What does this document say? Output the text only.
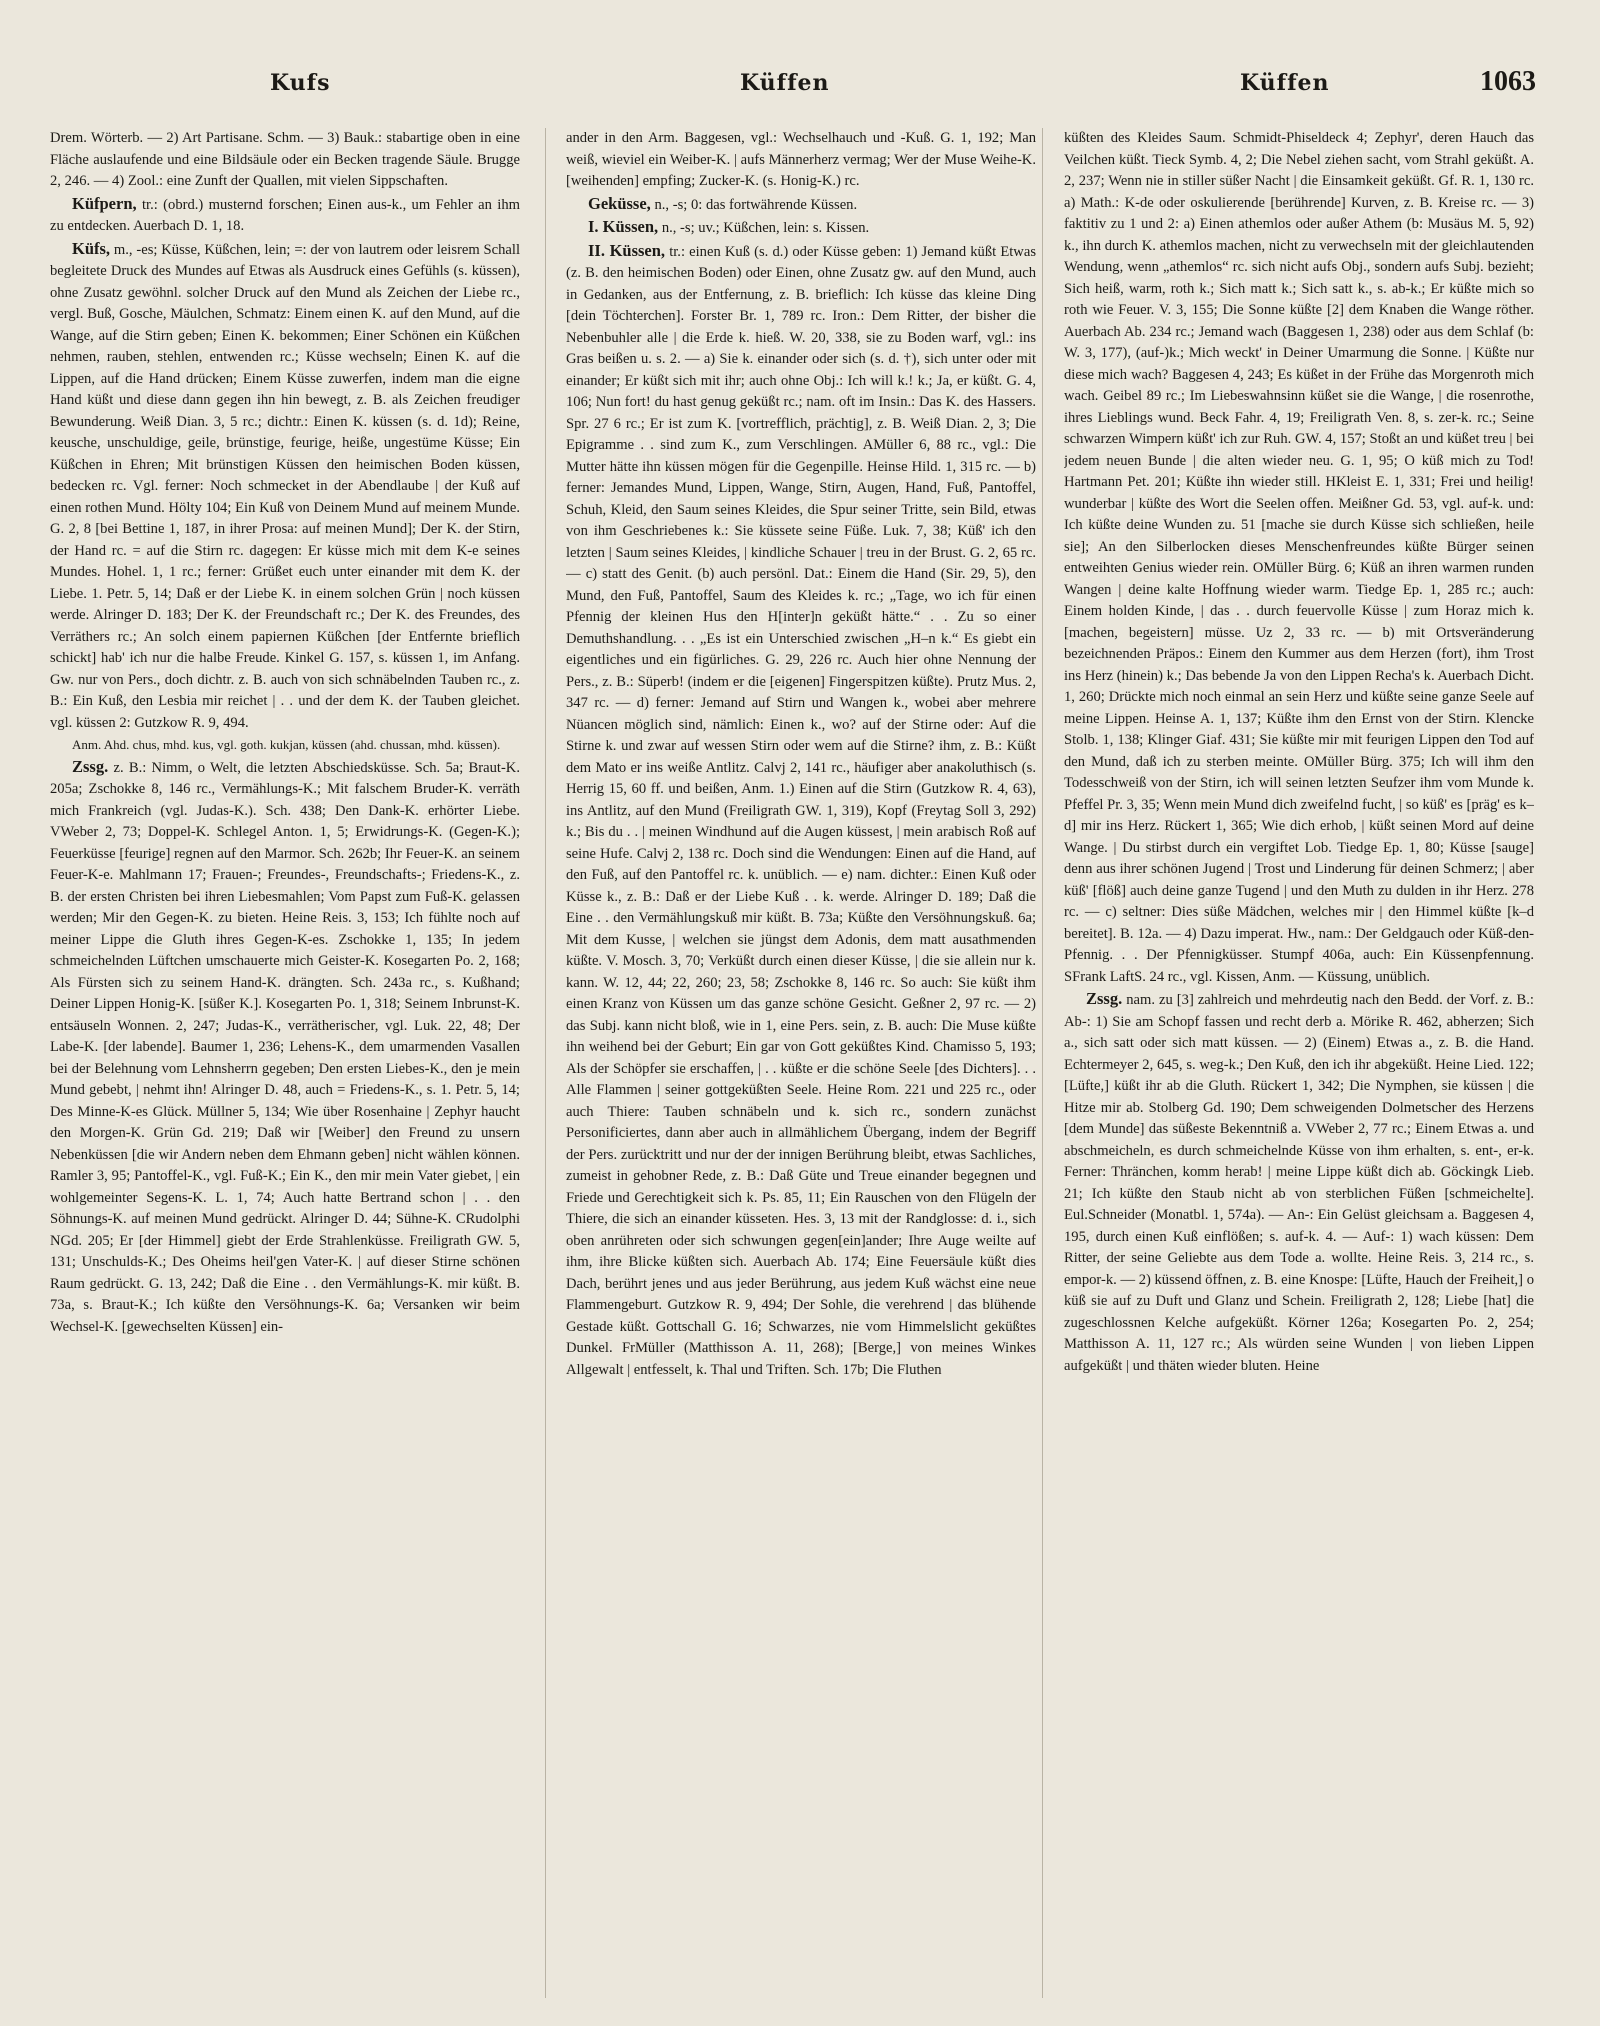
Kufs	Küffen	Küffen	1063

Drem. Wörterb. — 2) Art Partisane. Schm. — 3) Bauk.: stabartige oben in eine Fläche auslaufende und eine Bildsäule oder ein Becken tragende Säule. Brugge 2, 246. — 4) Zool.: eine Zunft der Quallen, mit vielen Sippschaften.

Küfpern, tr.: (obrd.) musternd forschen; Einen aus-k., um Fehler an ihm zu entdecken. Auerbach D. 1, 18.

Küfs, m., -es; Küsse, Küßchen, lein; =: der von lautrem oder leisrem Schall begleitete Druck des Mundes auf Etwas als Ausdruck eines Gefühls (s. küssen), ohne Zusatz gewöhnl. solcher Druck auf den Mund als Zeichen der Liebe rc., vergl. Buß, Gosche, Mäulchen, Schmatz: Einem einen K. auf den Mund, auf die Wange, auf die Stirn geben; Einen K. bekommen; Einer Schönen ein Küßchen nehmen, rauben, stehlen, entwenden rc.; Küsse wechseln; Einen K. auf die Lippen, auf die Hand drücken; Einem Küsse zuwerfen, indem man die eigne Hand küßt und diese dann gegen ihn hin bewegt, z. B. als Zeichen freudiger Bewunderung. Weiß Dian. 3, 5 rc.; dichtr.: Einen K. küssen (s. d. 1d); Reine, keusche, unschuldige, geile, brünstige, feurige, heiße, ungestüme Küsse; Ein Küßchen in Ehren; Mit brünstigen Küssen den heimischen Boden küssen, bedecken rc. Vgl. ferner: Noch schmecket in der Abendlaube | der Kuß auf einen rothen Mund. Hölty 104; Ein Kuß von Deinem Mund auf meinem Munde. G. 2, 8 [bei Bettine 1, 187, in ihrer Prosa: auf meinen Mund]; Der K. der Stirn, der Hand rc. = auf die Stirn rc. dagegen: Er küsse mich mit dem K-e seines Mundes. Hohel. 1, 1 rc.; ferner: Grüßet euch unter einander mit dem K. der Liebe. 1. Petr. 5, 14; Daß er der Liebe K. in einem solchen Grün | noch küssen werde. Alringer D. 183; Der K. der Freundschaft rc.; Der K. des Freundes, des Verräthers rc.; An solch einem papiernen Küßchen [der Entfernte brieflich schickt] hab' ich nur die halbe Freude. Kinkel G. 157, s. küssen 1, im Anfang. Gw. nur von Pers., doch dichtr. z. B. auch von sich schnäbelnden Tauben rc., z. B.: Ein Kuß, den Lesbia mir reichet | . . und der dem K. der Tauben gleichet. vgl. küssen 2: Gutzkow R. 9, 494.

Anm. Ahd. chus, mhd. kus, vgl. goth. kukjan, küssen (ahd. chussan, mhd. küssen).

Zssg. z. B.: Nimm, o Welt, die letzten Abschiedsküsse. Sch. 5a; Braut-K. 205a; Zschokke 8, 146 rc., Vermählungs-K.; Mit falschem Bruder-K. verräth mich Frankreich (vgl. Judas-K.). Sch. 438; Den Dank-K. erhörter Liebe. VWeber 2, 73; Doppel-K. Schlegel Anton. 1, 5; Erwidrungs-K. (Gegen-K.); Feuerküsse [feurige] regnen auf den Marmor. Sch. 262b; Ihr Feuer-K. an seinem Feuer-K-e. Mahlmann 17; Frauen-; Freundes-, Freundschafts-; Friedens-K., z. B. der ersten Christen bei ihren Liebesmahlen; Vom Papst zum Fuß-K. gelassen werden; Mir den Gegen-K. zu bieten. Heine Reis. 3, 153; Ich fühlte noch auf meiner Lippe die Gluth ihres Gegen-K-es. Zschokke 1, 135; In jedem schmeichelnden Lüftchen umschauerte mich Geister-K. Kosegarten Po. 2, 168; Als Fürsten sich zu seinem Hand-K. drängten. Sch. 243a rc., s. Kußhand; Deiner Lippen Honig-K. [süßer K.]. Kosegarten Po. 1, 318; Seinem Inbrunst-K. entsäuseln Wonnen. 2, 247; Judas-K., verrätherischer, vgl. Luk. 22, 48; Der Labe-K. [der labende]. Baumer 1, 236; Lehens-K., dem umarmenden Vasallen bei der Belehnung vom Lehnsherrn gegeben; Den ersten Liebes-K., den je mein Mund gebebt, | nehmt ihn! Alringer D. 48, auch = Friedens-K., s. 1. Petr. 5, 14; Des Minne-K-es Glück. Müllner 5, 134; Wie über Rosenhaine | Zephyr haucht den Morgen-K. Grün Gd. 219; Daß wir [Weiber] den Freund zu unsern Nebenküssen [die wir Andern neben dem Ehmann geben] nicht wählen können. Ramler 3, 95; Pantoffel-K., vgl. Fuß-K.; Ein K., den mir mein Vater giebet, | ein wohlgemeinter Segens-K. L. 1, 74; Auch hatte Bertrand schon | . . den Söhnungs-K. auf meinen Mund gedrückt. Alringer D. 44; Sühne-K. CRudolphi NGd. 205; Er [der Himmel] giebt der Erde Strahlenküsse. Freiligrath GW. 5, 131; Unschulds-K.; Des Oheims heil'gen Vater-K. | auf dieser Stirne schönen Raum gedrückt. G. 13, 242; Daß die Eine . . den Vermählungs-K. mir küßt. B. 73a, s. Braut-K.; Ich küßte den Versöhnungs-K. 6a; Versanken wir beim Wechsel-K. [gewechselten Küssen] ein-

ander in den Arm. Baggesen, vgl.: Wechselhauch und -Kuß. G. 1, 192; Man weiß, wieviel ein Weiber-K. | aufs Männerherz vermag; Wer der Muse Weihe-K. [weihenden] empfing; Zucker-K. (s. Honig-K.) rc.

Geküsse, n., -s; 0: das fortwährende Küssen.

I. Küssen, n., -s; uv.; Küßchen, lein: s. Kissen.

II. Küssen, tr.: einen Kuß (s. d.) oder Küsse geben: 1) Jemand küßt Etwas (z. B. den heimischen Boden) oder Einen, ohne Zusatz gw. auf den Mund, auch in Gedanken, aus der Entfernung, z. B. brieflich: Ich küsse das kleine Ding [dein Töchterchen]. Forster Br. 1, 789 rc. Iron.: Dem Ritter, der bisher die Nebenbuhler alle | die Erde k. hieß. W. 20, 338, sie zu Boden warf, vgl.: ins Gras beißen u. s. 2. — a) Sie k. einander oder sich (s. d. †), sich unter oder mit einander; Er küßt sich mit ihr; auch ohne Obj.: Ich will k.! k.; Ja, er küßt. G. 4, 106; Nun fort! du hast genug geküßt rc.; nam. oft im Insin.: Das K. des Hassers. Spr. 27 6 rc.; Er ist zum K. [vortrefflich, prächtig], z. B. Weiß Dian. 2, 3; Die Epigramme . . sind zum K., zum Verschlingen. AMüller 6, 88 rc., vgl.: Die Mutter hätte ihn küssen mögen für die Gegenpille. Heinse Hild. 1, 315 rc. — b) ferner: Jemandes Mund, Lippen, Wange, Stirn, Augen, Hand, Fuß, Pantoffel, Schuh, Kleid, den Saum seines Kleides, die Spur seiner Tritte, sein Bild, etwas von ihm Geschriebenes k.: Sie küssete seine Füße. Luk. 7, 38; Küß' ich den letzten | Saum seines Kleides, | kindliche Schauer | treu in der Brust. G. 2, 65 rc. — c) statt des Genit. (b) auch persönl. Dat.: Einem die Hand (Sir. 29, 5), den Mund, den Fuß, Pantoffel, Saum des Kleides k. rc.; „Tage, wo ich für einen Pfennig der kleinen Hus den H[inter]n geküßt hätte.“ . . Zu so einer Demuthshandlung. . . „Es ist ein Unterschied zwischen „H–n k.“ Es giebt ein eigentliches und ein figürliches. G. 29, 226 rc. Auch hier ohne Nennung der Pers., z. B.: Süperb! (indem er die [eigenen] Fingerspitzen küßte). Prutz Mus. 2, 347 rc. — d) ferner: Jemand auf Stirn und Wangen k., wobei aber mehrere Nüancen möglich sind, nämlich: Einen k., wo? auf der Stirne oder: Auf die Stirne k. und zwar auf wessen Stirn oder wem auf die Stirne? ihm, z. B.: Küßt dem Mato er ins weiße Antlitz. Calvj 2, 141 rc., häufiger aber anakoluthisch (s. Herrig 15, 60 ff. und beißen, Anm. 1.) Einen auf die Stirn (Gutzkow R. 4, 63), ins Antlitz, auf den Mund (Freiligrath GW. 1, 319), Kopf (Freytag Soll 3, 292) k.; Bis du . . | meinen Windhund auf die Augen küssest, | mein arabisch Roß auf seine Hufe. Calvj 2, 138 rc. Doch sind die Wendungen: Einen auf die Hand, auf den Fuß, auf den Pantoffel rc. k. unüblich. — e) nam. dichter.: Einen Kuß oder Küsse k., z. B.: Daß er der Liebe Kuß . . k. werde. Alringer D. 189; Daß die Eine . . den Vermählungskuß mir küßt. B. 73a; Küßte den Versöhnungskuß. 6a; Mit dem Kusse, | welchen sie jüngst dem Adonis, dem matt ausathmenden küßte. V. Mosch. 3, 70; Verküßt durch einen dieser Küsse, | die sie allein nur k. kann. W. 12, 44; 22, 260; 23, 58; Zschokke 8, 146 rc. So auch: Sie küßt ihm einen Kranz von Küssen um das ganze schöne Gesicht. Geßner 2, 97 rc. — 2) das Subj. kann nicht bloß, wie in 1, eine Pers. sein, z. B. auch: Die Muse küßte ihn weihend bei der Geburt; Ein gar von Gott geküßtes Kind. Chamisso 5, 193; Als der Schöpfer sie erschaffen, | . . küßte er die schöne Seele [des Dichters]. . . Alle Flammen | seiner gottgeküßten Seele. Heine Rom. 221 und 225 rc., oder auch Thiere: Tauben schnäbeln und k. sich rc., sondern zunächst Personificiertes, dann aber auch in allmählichem Übergang, indem der Begriff der Pers. zurücktritt und nur der der innigen Berührung bleibt, etwas Sachliches, zumeist in gehobner Rede, z. B.: Daß Güte und Treue einander begegnen und Friede und Gerechtigkeit sich k. Ps. 85, 11; Ein Rauschen von den Flügeln der Thiere, die sich an einander küsseten. Hes. 3, 13 mit der Randglosse: d. i., sich oben anrühreten oder sich schwungen gegen[ein]ander; Ihre Auge weilte auf ihm, ihre Blicke küßten sich. Auerbach Ab. 174; Eine Feuersäule küßt dies Dach, berührt jenes und aus jeder Berührung, aus jedem Kuß wächst eine neue Flammengeburt. Gutzkow R. 9, 494; Der Sohle, die verehrend | das blühende Gestade küßt. Gottschall G. 16; Schwarzes, nie vom Himmelslicht geküßtes Dunkel. FrMüller (Matthisson A. 11, 268); [Berge,] von meines Winkes Allgewalt | entfesselt, k. Thal und Triften. Sch. 17b; Die Fluthen

küßten des Kleides Saum. Schmidt-Phiseldeck 4; Zephyr', deren Hauch das Veilchen küßt. Tieck Symb. 4, 2; Die Nebel ziehen sacht, vom Strahl geküßt. A. 2, 237; Wenn nie in stiller süßer Nacht | die Einsamkeit geküßt. Gf. R. 1, 130 rc. a) Math.: K-de oder oskulierende [berührende] Kurven, z. B. Kreise rc. — 3) faktitiv zu 1 und 2: a) Einen athemlos oder außer Athem (b: Musäus M. 5, 92) k., ihn durch K. athemlos machen, nicht zu verwechseln mit der gleichlautenden Wendung, wenn „athemlos“ rc. sich nicht aufs Obj., sondern aufs Subj. bezieht; Sich heiß, warm, roth k.; Sich matt k.; Sich satt k., s. ab-k.; Er küßte mich so roth wie Feuer. V. 3, 155; Die Sonne küßte [2] dem Knaben die Wange röther. Auerbach Ab. 234 rc.; Jemand wach (Baggesen 1, 238) oder aus dem Schlaf (b: W. 3, 177), (auf-)k.; Mich weckt' in Deiner Umarmung die Sonne. | Küßte nur diese mich wach? Baggesen 4, 243; Es küßet in der Frühe das Morgenroth mich wach. Geibel 89 rc.; Im Liebeswahnsinn küßet sie die Wange, | die rosenrothe, ihres Lieblings wund. Beck Fahr. 4, 19; Freiligrath Ven. 8, s. zer-k. rc.; Seine schwarzen Wimpern küßt' ich zur Ruh. GW. 4, 157; Stoßt an und küßet treu | bei jedem neuen Bunde | die alten wieder neu. G. 1, 95; O küß mich zu Tod! Hartmann Pet. 201; Küßte ihn wieder still. HKleist E. 1, 331; Frei und heilig! wunderbar | küßte des Wort die Seelen offen. Meißner Gd. 53, vgl. auf-k. und: Ich küßte deine Wunden zu. 51 [mache sie durch Küsse sich schließen, heile sie]; An den Silberlocken dieses Menschenfreundes küßte Bürger seinen entweihten Genius wieder rein. OMüller Bürg. 6; Küß an ihren warmen runden Wangen | deine kalte Hoffnung wieder warm. Tiedge Ep. 1, 285 rc.; auch: Einem holden Kinde, | das . . durch feuervolle Küsse | zum Horaz mich k. [machen, begeistern] müsse. Uz 2, 33 rc. — b) mit Ortsveränderung bezeichnenden Präpos.: Einem den Kummer aus dem Herzen (fort), ihm Trost ins Herz (hinein) k.; Das bebende Ja von den Lippen Recha's k. Auerbach Dicht. 1, 260; Drückte mich noch einmal an sein Herz und küßte seine ganze Seele auf meine Lippen. Heinse A. 1, 137; Küßte ihm den Ernst von der Stirn. Klencke Stolb. 1, 138; Klinger Giaf. 431; Sie küßte mir mit feurigen Lippen den Tod auf den Mund, daß ich zu sterben meinte. OMüller Bürg. 375; Ich will ihm den Todesschweiß von der Stirn, ich will seinen letzten Seufzer ihm vom Munde k. Pfeffel Pr. 3, 35; Wenn mein Mund dich zweifelnd fucht, | so küß' es [präg' es k–d] mir ins Herz. Rückert 1, 365; Wie dich erhob, | küßt seinen Mord auf deine Wange. | Du stirbst durch ein vergiftet Lob. Tiedge Ep. 1, 80; Küsse [sauge] denn aus ihrer schönen Jugend | Trost und Linderung für deinen Schmerz; | aber küß' [flöß] auch deine ganze Tugend | und den Muth zu dulden in ihr Herz. 278 rc. — c) seltner: Dies süße Mädchen, welches mir | den Himmel küßte [k–d bereitet]. B. 12a. — 4) Dazu imperat. Hw., nam.: Der Geldgauch oder Küß-den-Pfennig. . . Der Pfennigküsser. Stumpf 406a, auch: Ein Küssenpfennung. SFrank LaftS. 24 rc., vgl. Kissen, Anm. — Küssung, unüblich.

Zssg. nam. zu [3] zahlreich und mehrdeutig nach den Bedd. der Vorf. z. B.: Ab-: 1) Sie am Schopf fassen und recht derb a. Mörike R. 462, abherzen; Sich a., sich satt oder sich matt küssen. — 2) (Einem) Etwas a., z. B. die Hand. Echtermeyer 2, 645, s. weg-k.; Den Kuß, den ich ihr abgeküßt. Heine Lied. 122; [Lüfte,] küßt ihr ab die Gluth. Rückert 1, 342; Die Nymphen, sie küssen | die Hitze mir ab. Stolberg Gd. 190; Dem schweigenden Dolmetscher des Herzens [dem Munde] das süßeste Bekenntniß a. VWeber 2, 77 rc.; Einem Etwas a. und abschmeicheln, es durch schmeichelnde Küsse von ihm erhalten, s. ent-, er-k. Ferner: Thränchen, komm herab! | meine Lippe küßt dich ab. Göckingk Lieb. 21; Ich küßte den Staub nicht ab von sterblichen Füßen [schmeichelte]. Eul.Schneider (Monatbl. 1, 574a). — An-: Ein Gelüst gleichsam a. Baggesen 4, 195, durch einen Kuß einflößen; s. auf-k. 4. — Auf-: 1) wach küssen: Dem Ritter, der seine Geliebte aus dem Tode a. wollte. Heine Reis. 3, 214 rc., s. empor-k. — 2) küssend öffnen, z. B. eine Knospe: [Lüfte, Hauch der Freiheit,] o küß sie auf zu Duft und Glanz und Schein. Freiligrath 2, 128; Liebe [hat] die zugeschlossnen Kelche aufgeküßt. Körner 126a; Kosegarten Po. 2, 254; Matthisson A. 11, 127 rc.; Als würden seine Wunden | von lieben Lippen aufgeküßt | und thäten wieder bluten. Heine
